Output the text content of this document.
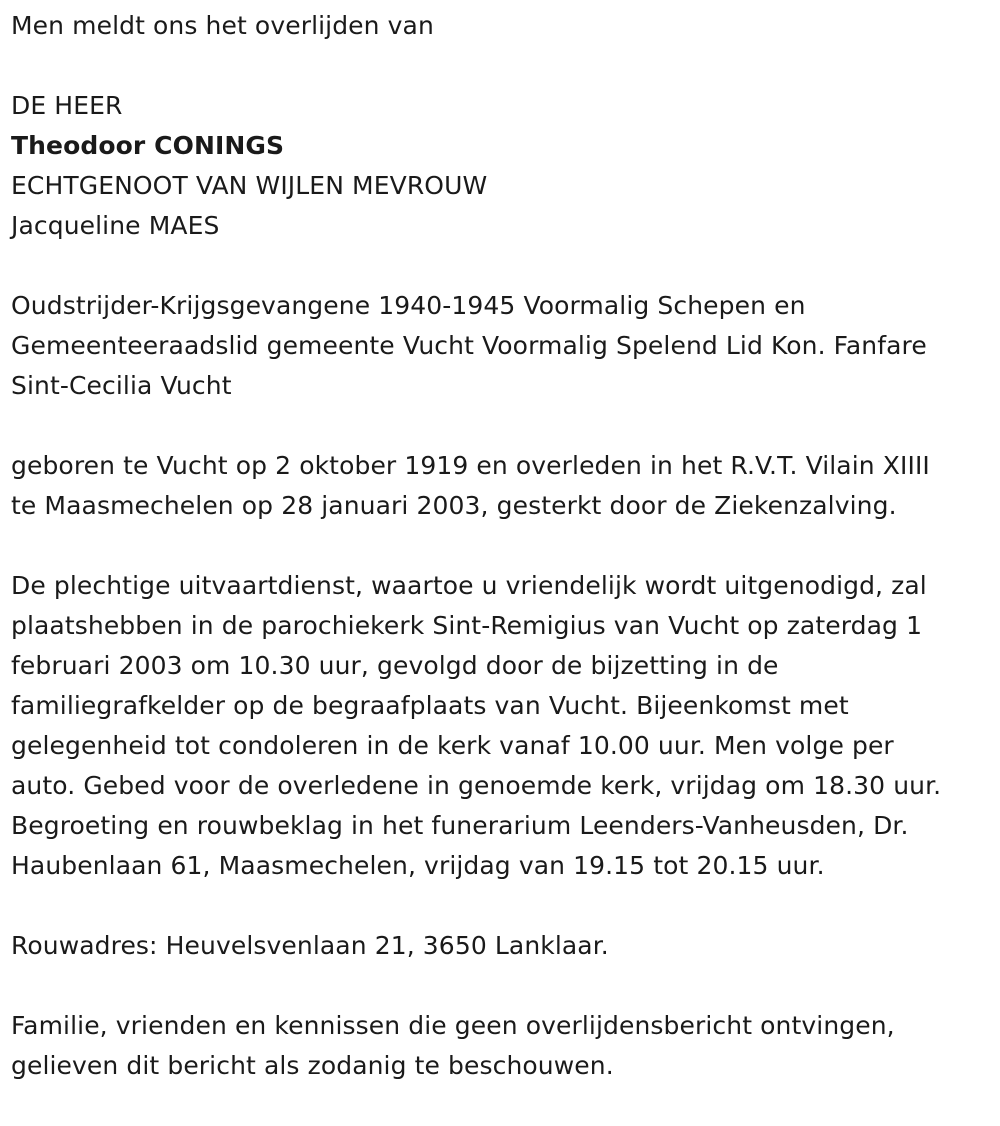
Men meldt ons het overlijden van
DE HEER
Theodoor CONINGS
ECHTGENOOT VAN WIJLEN MEVROUW
Jacqueline MAES
Oudstrijder-Krijgsgevangene 1940-1945 Voormalig Schepen en
Gemeenteeraadslid gemeente Vucht Voormalig Spelend Lid Kon. Fanfare
Sint-Cecilia Vucht
geboren te Vucht op 2 oktober 1919 en overleden in het R.V.T. Vilain XIIII
te Maasmechelen op 28 januari 2003, gesterkt door de Ziekenzalving.
De plechtige uitvaartdienst, waartoe u vriendelijk wordt uitgenodigd, zal
plaatshebben in de parochiekerk Sint-Remigius van Vucht op zaterdag 1
februari 2003 om 10.30 uur, gevolgd door de bijzetting in de
familiegrafkelder op de begraafplaats van Vucht. Bijeenkomst met
gelegenheid tot condoleren in de kerk vanaf 10.00 uur. Men volge per
auto. Gebed voor de overledene in genoemde kerk, vrijdag om 18.30 uur.
Begroeting en rouwbeklag in het funerarium Leenders-Vanheusden, Dr.
Haubenlaan 61, Maasmechelen, vrijdag van 19.15 tot 20.15 uur.
Rouwadres: Heuvelsvenlaan 21, 3650 Lanklaar.
Familie, vrienden en kennissen die geen overlijdensbericht ontvingen,
gelieven dit bericht als zodanig te beschouwen.
